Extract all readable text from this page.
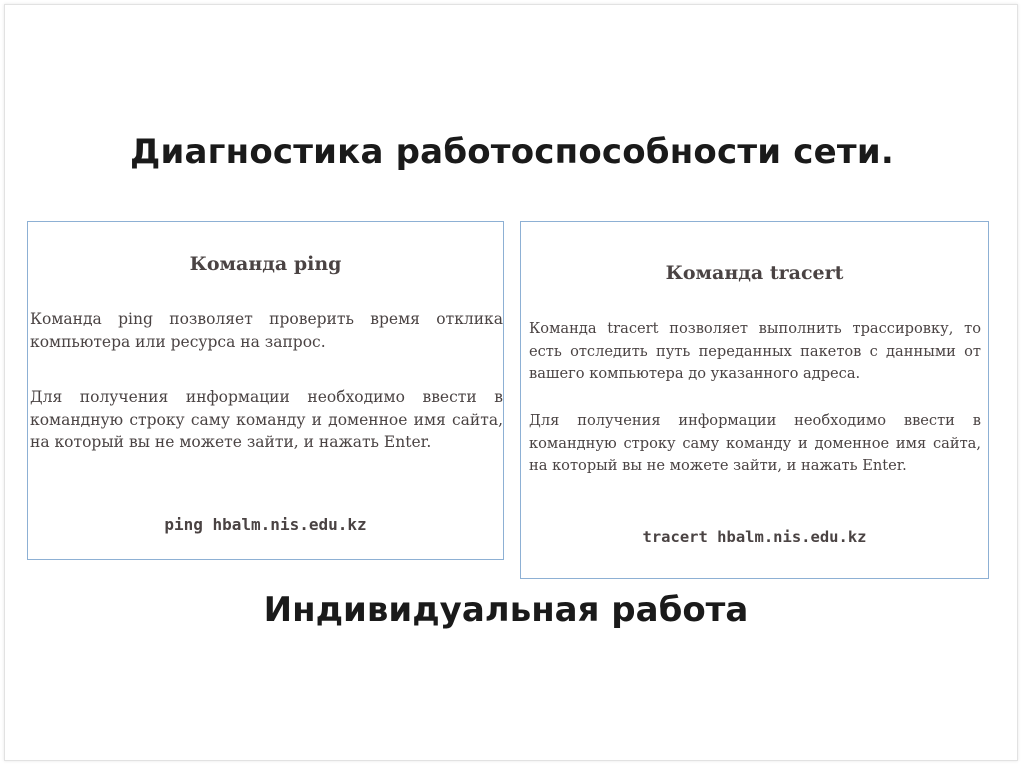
Диагностика работоспособности сети.
Команда ping

Команда ping позволяет проверить время отклика компьютера или ресурса на запрос.

Для получения информации необходимо ввести в командную строку саму команду и доменное имя сайта, на который вы не можете зайти, и нажать Enter.

ping hbalm.nis.edu.kz
Команда tracert

Команда tracert позволяет выполнить трассировку, то есть отследить путь переданных пакетов с данными от вашего компьютера до указанного адреса.

Для получения информации необходимо ввести в командную строку саму команду и доменное имя сайта, на который вы не можете зайти, и нажать Enter.

tracert hbalm.nis.edu.kz
Индивидуальная работа
